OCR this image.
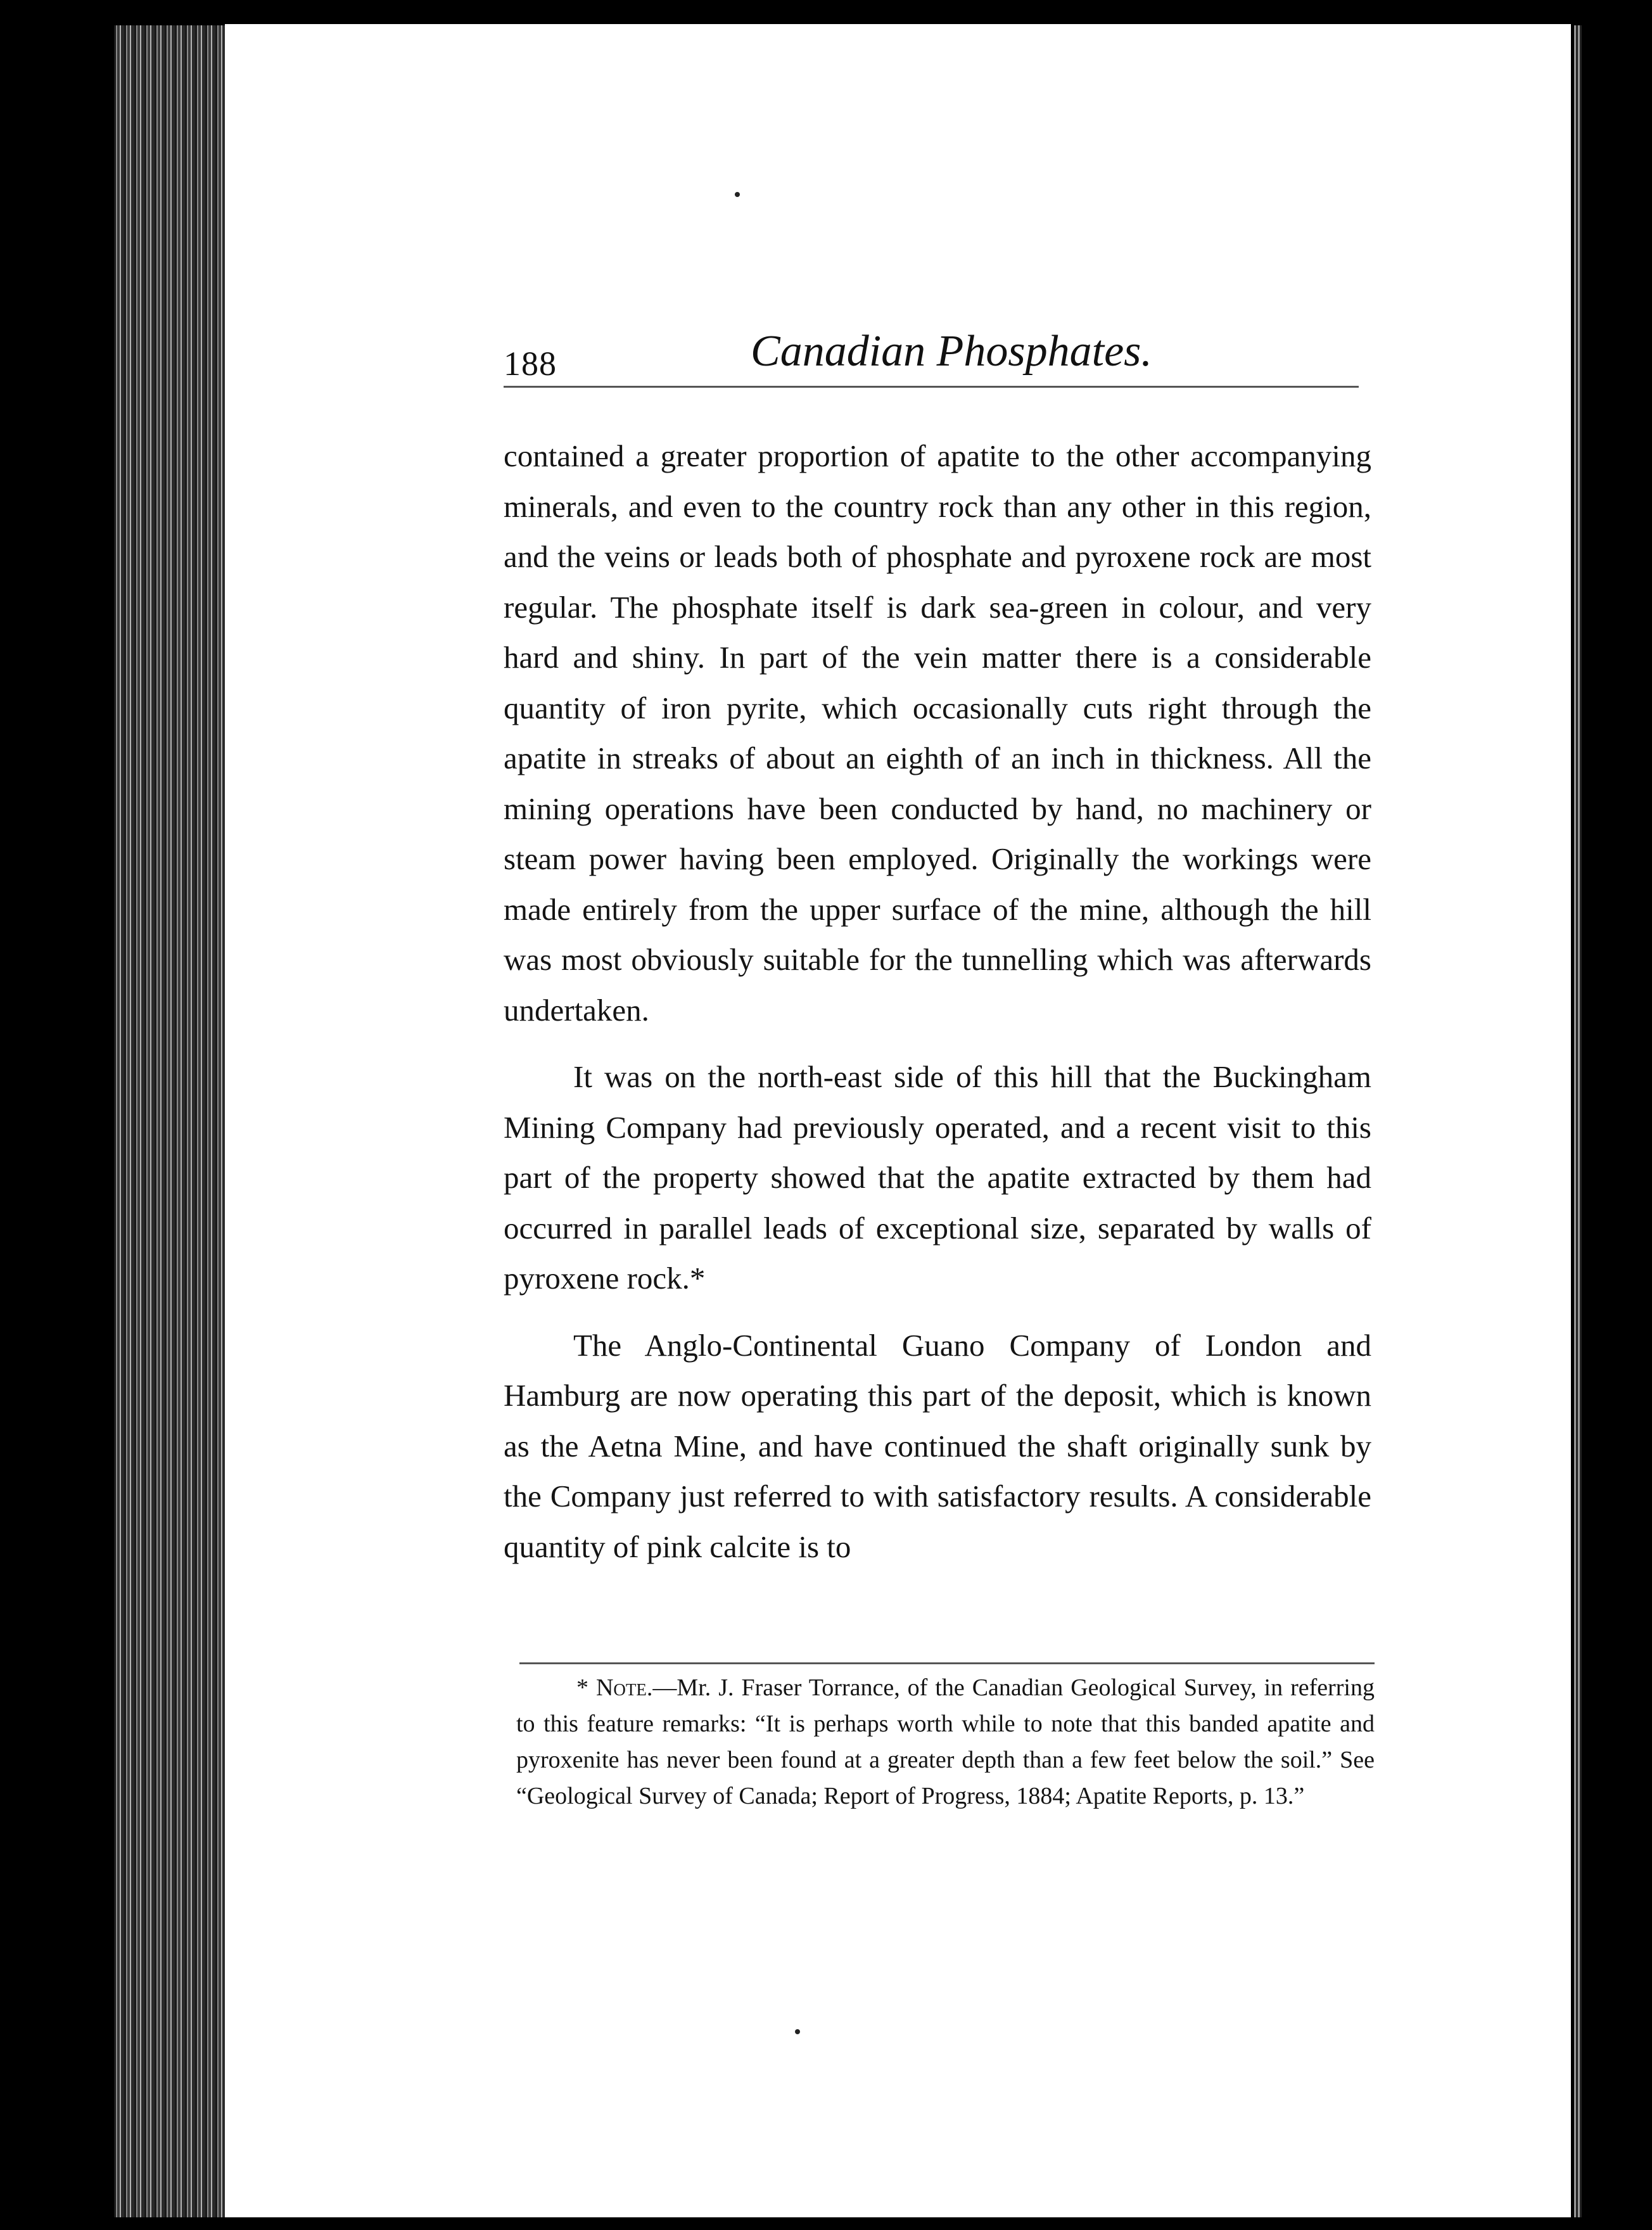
188	Canadian Phosphates.

contained a greater proportion of apatite to the other accompanying minerals, and even to the country rock than any other in this region, and the veins or leads both of phosphate and pyroxene rock are most regular. The phosphate itself is dark sea-green in colour, and very hard and shiny. In part of the vein matter there is a considerable quantity of iron pyrite, which occasionally cuts right through the apatite in streaks of about an eighth of an inch in thickness. All the mining operations have been conducted by hand, no machinery or steam power having been employed. Originally the workings were made entirely from the upper surface of the mine, although the hill was most obviously suitable for the tunnelling which was afterwards undertaken.

It was on the north-east side of this hill that the Buckingham Mining Company had previously operated, and a recent visit to this part of the property showed that the apatite extracted by them had occurred in parallel leads of exceptional size, separated by walls of pyroxene rock.*

The Anglo-Continental Guano Company of London and Hamburg are now operating this part of the deposit, which is known as the Aetna Mine, and have continued the shaft originally sunk by the Company just referred to with satisfactory results. A considerable quantity of pink calcite is to

* Note.—Mr. J. Fraser Torrance, of the Canadian Geological Survey, in referring to this feature remarks: “It is perhaps worth while to note that this banded apatite and pyroxenite has never been found at a greater depth than a few feet below the soil.” See “Geological Survey of Canada; Report of Progress, 1884; Apatite Reports, p. 13.”
